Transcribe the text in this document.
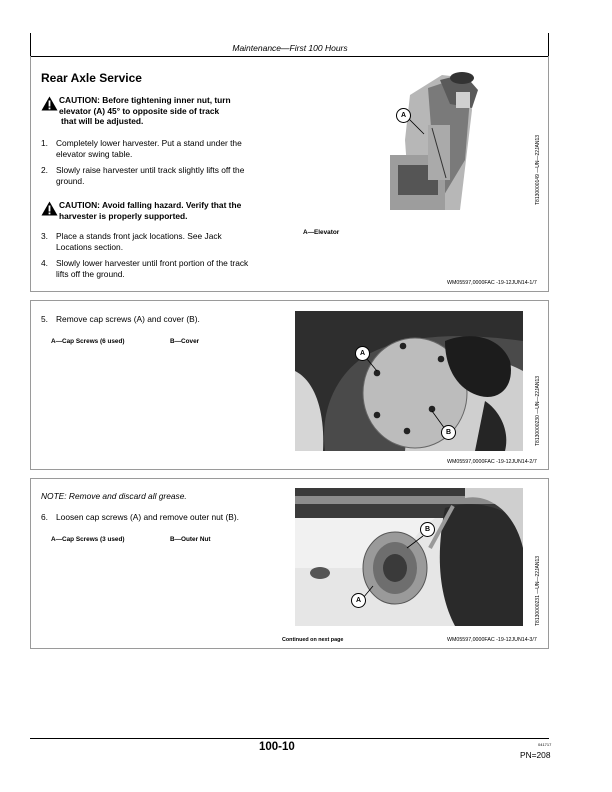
Maintenance—First 100 Hours
Rear Axle Service
CAUTION: Before tightening inner nut, turn
elevator (A) 45° to opposite side of track
that will be adjusted.
1. Completely lower harvester. Put a stand under the
elevator swing table.
2. Slowly raise harvester until track slightly lifts off the
ground.
CAUTION: Avoid falling hazard. Verify that the
harvester is properly supported.
3. Place a stands front jack locations. See Jack
Locations section.
4. Slowly lower harvester until front portion of the track
lifts off the ground.
A
T8130000149 —UN—22JAN13
A—Elevator
WM05597,0000FAC -19-12JUN14-1/7
5. Remove cap screws (A) and cover (B).
A—Cap Screws (6 used)	B—Cover
A
B	T8130000230 —UN—22JAN13
WM05597,0000FAC -19-12JUN14-2/7
NOTE: Remove and discard all grease.
6. Loosen cap screws (A) and remove outer nut (B).
A—Cap Screws (3 used)	B—Outer Nut
B
A	T8130000231 —UN—22JAN13
Continued on next page	WM05597,0000FAC -19-12JUN14-3/7
100-10	041717
PN=208
